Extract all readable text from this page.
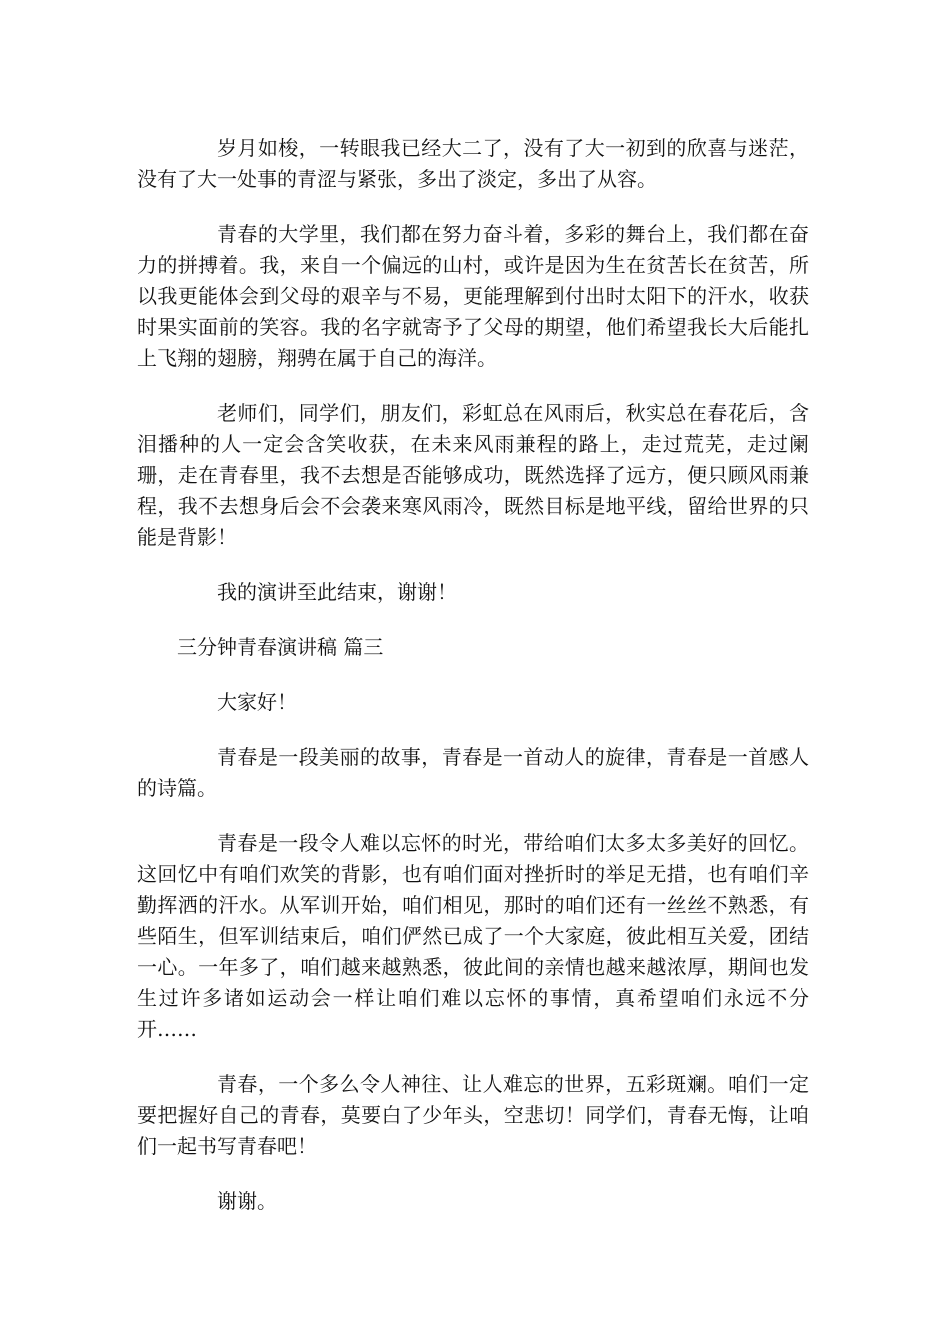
岁月如梭，一转眼我已经大二了，没有了大一初到的欣喜与迷茫，没有了大一处事的青涩与紧张，多出了淡定，多出了从容。

青春的大学里，我们都在努力奋斗着，多彩的舞台上，我们都在奋力的拼搏着。我，来自一个偏远的山村，或许是因为生在贫苦长在贫苦，所以我更能体会到父母的艰辛与不易，更能理解到付出时太阳下的汗水，收获时果实面前的笑容。我的名字就寄予了父母的期望，他们希望我长大后能扎上飞翔的翅膀，翔骋在属于自己的海洋。

老师们，同学们，朋友们，彩虹总在风雨后，秋实总在春花后，含泪播种的人一定会含笑收获，在未来风雨兼程的路上，走过荒芜，走过阑珊，走在青春里，我不去想是否能够成功，既然选择了远方，便只顾风雨兼程，我不去想身后会不会袭来寒风雨冷，既然目标是地平线，留给世界的只能是背影！

我的演讲至此结束，谢谢！

三分钟青春演讲稿 篇三

大家好！

青春是一段美丽的故事，青春是一首动人的旋律，青春是一首感人的诗篇。

青春是一段令人难以忘怀的时光，带给咱们太多太多美好的回忆。这回忆中有咱们欢笑的背影，也有咱们面对挫折时的举足无措，也有咱们辛勤挥洒的汗水。从军训开始，咱们相见，那时的咱们还有一丝丝不熟悉，有些陌生，但军训结束后，咱们俨然已成了一个大家庭，彼此相互关爱，团结一心。一年多了，咱们越来越熟悉，彼此间的亲情也越来越浓厚，期间也发生过许多诸如运动会一样让咱们难以忘怀的事情，真希望咱们永远不分开……

青春，一个多么令人神往、让人难忘的世界，五彩斑斓。咱们一定要把握好自己的青春，莫要白了少年头，空悲切！同学们，青春无悔，让咱们一起书写青春吧！

谢谢。
